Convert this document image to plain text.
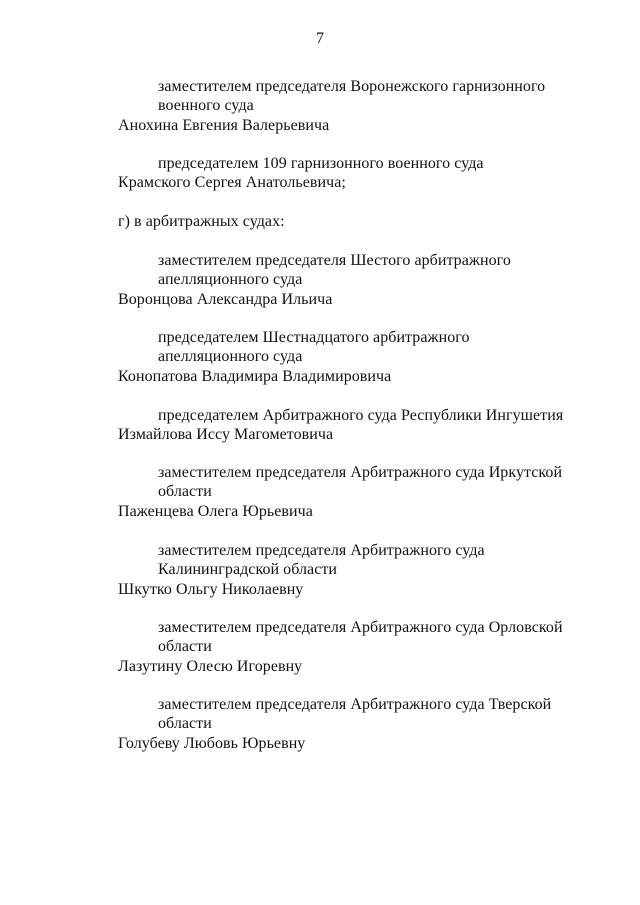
7
заместителем председателя Воронежского гарнизонного
военного суда
Анохина Евгения Валерьевича
председателем 109 гарнизонного военного суда
Крамского Сергея Анатольевича;
г) в арбитражных судах:
заместителем председателя Шестого арбитражного
апелляционного суда
Воронцова Александра Ильича
председателем Шестнадцатого арбитражного
апелляционного суда
Конопатова Владимира Владимировича
председателем Арбитражного суда Республики Ингушетия
Измайлова Иссу Магометовича
заместителем председателя Арбитражного суда Иркутской
области
Паженцева Олега Юрьевича
заместителем председателя Арбитражного суда
Калининградской области
Шкутко Ольгу Николаевну
заместителем председателя Арбитражного суда Орловской
области
Лазутину Олесю Игоревну
заместителем председателя Арбитражного суда Тверской
области
Голубеву Любовь Юрьевну
